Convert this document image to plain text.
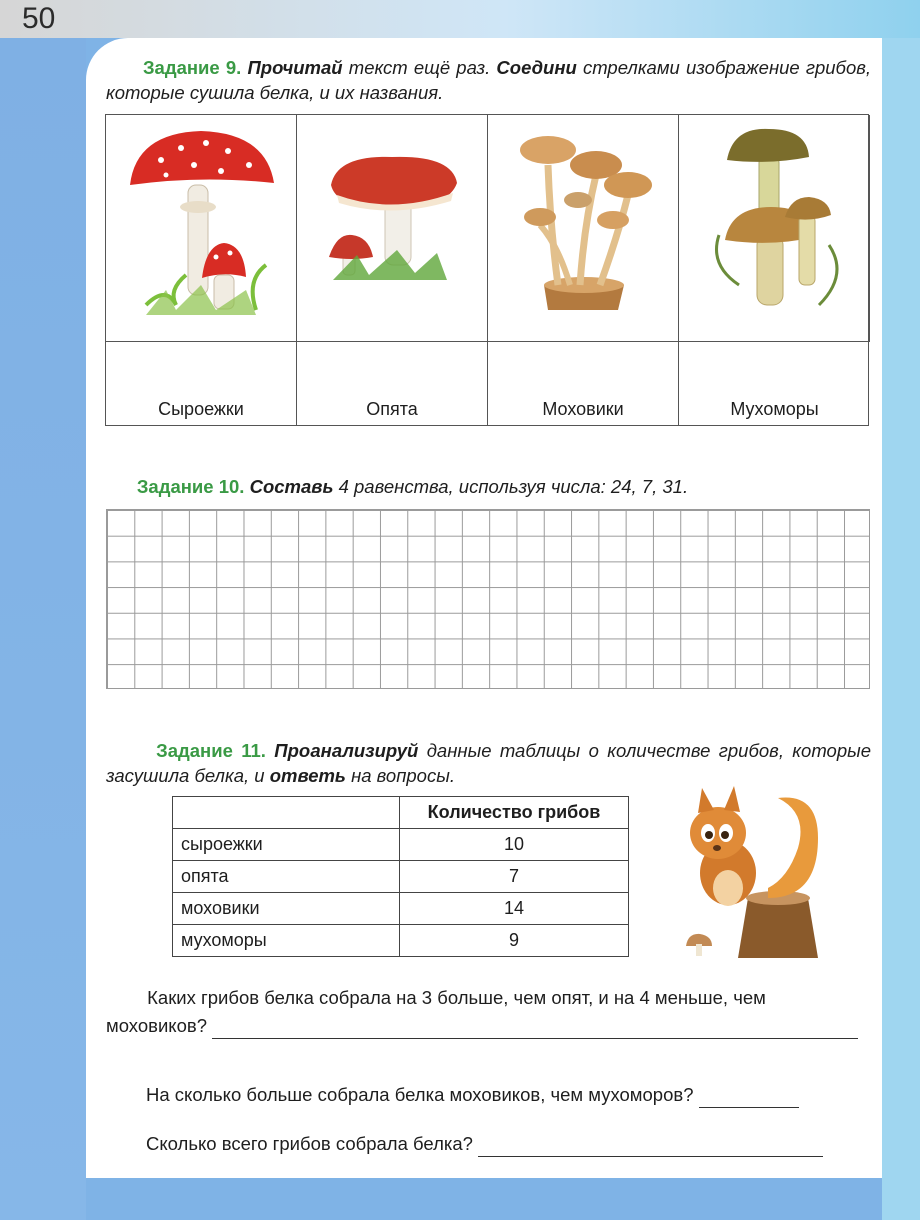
50
Задание 9. Прочитай текст ещё раз. Соедини стрелками изображение грибов, которые сушила белка, и их названия.
Сыроежки	Опята	Моховики	Мухоморы
Задание 10. Составь 4 равенства, используя числа: 24, 7, 31.
Задание 11. Проанализируй данные таблицы о количестве грибов, которые засушила белка, и ответь на вопросы.
	Количество грибов
сыроежки	10
опята	7
моховики	14
мухоморы	9
Каких грибов белка собрала на 3 больше, чем опят, и на 4 меньше, чем
моховиков?
На сколько больше собрала белка моховиков, чем мухоморов?
Сколько всего грибов собрала белка?
